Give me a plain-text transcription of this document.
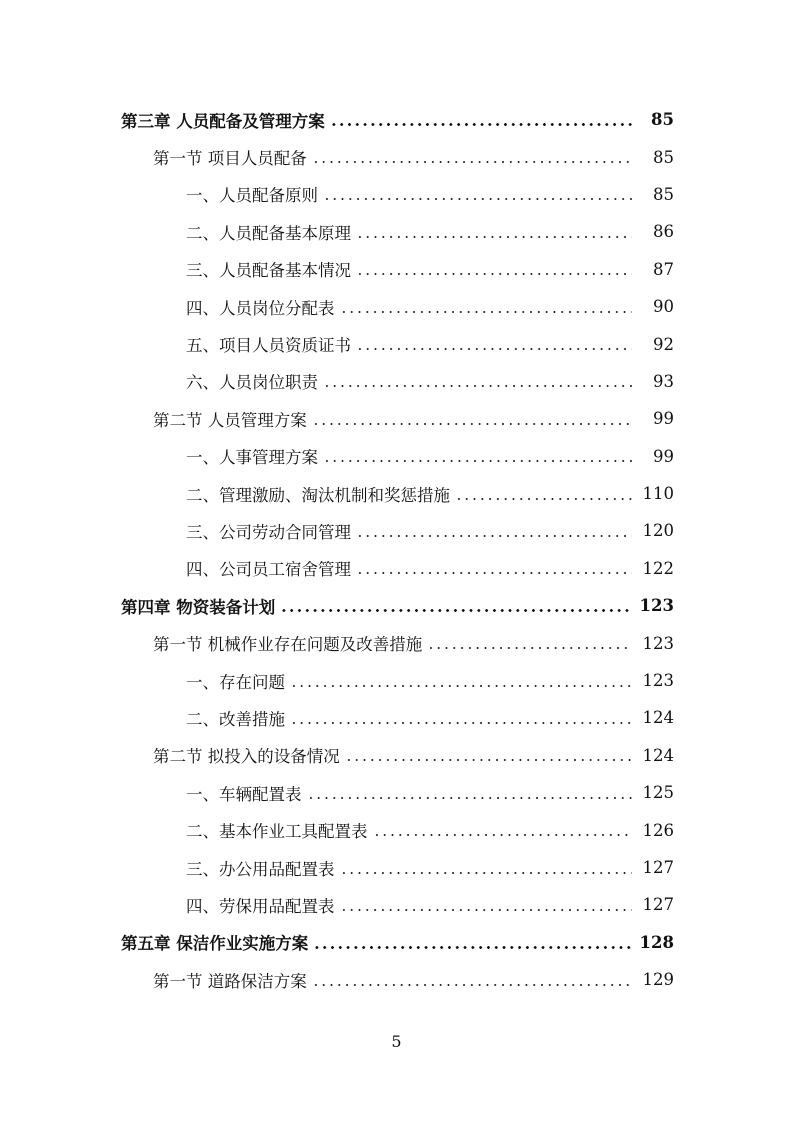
第三章 人员配备及管理方案	85
第一节 项目人员配备	85
一、人员配备原则	85
二、人员配备基本原理	86
三、人员配备基本情况	87
四、人员岗位分配表	90
五、项目人员资质证书	92
六、人员岗位职责	93
第二节 人员管理方案	99
一、人事管理方案	99
二、管理激励、淘汰机制和奖惩措施	110
三、公司劳动合同管理	120
四、公司员工宿舍管理	122
第四章 物资装备计划	123
第一节 机械作业存在问题及改善措施	123
一、存在问题	123
二、改善措施	124
第二节 拟投入的设备情况	124
一、车辆配置表	125
二、基本作业工具配置表	126
三、办公用品配置表	127
四、劳保用品配置表	127
第五章 保洁作业实施方案	128
第一节 道路保洁方案	129
5
